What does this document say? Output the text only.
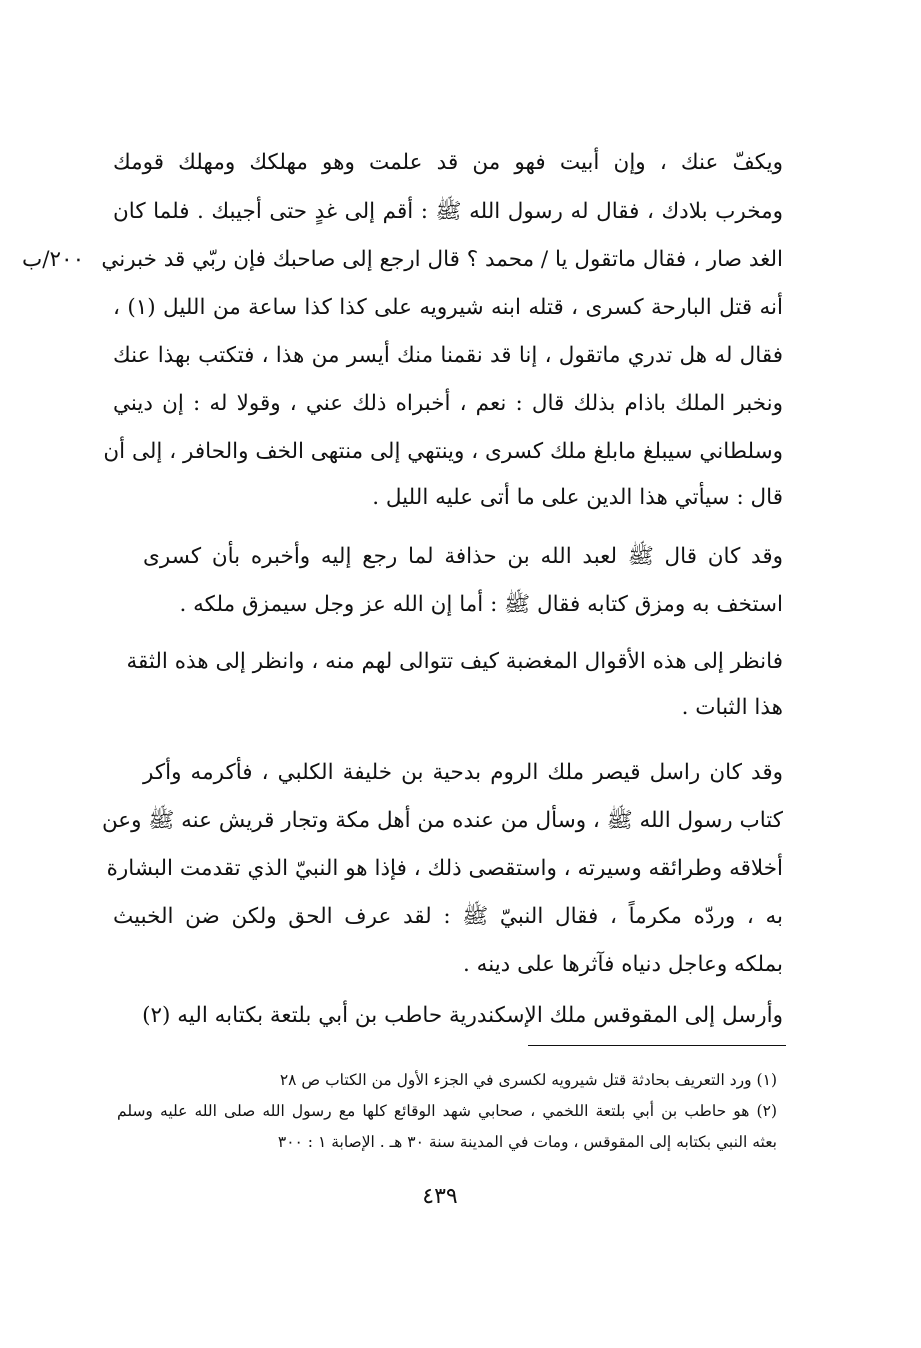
٢٠٠/ب
ويكفّ عنك ، وإن أبيت فهو من قد علمت وهو مهلكك ومهلك قومك
ومخرب بلادك ، فقال له رسول الله ﷺ : أقم إلى غدٍ حتى أجيبك . فلما كان
الغد صار ، فقال ماتقول يا / محمد ؟ قال ارجع إلى صاحبك فإن ربّي قد خبرني
أنه قتل البارحة كسرى ، قتله ابنه شيرويه على كذا كذا ساعة من الليل (١) ،
فقال له هل تدري ماتقول ، إنا قد نقمنا منك أيسر من هذا ، فتكتب بهذا عنك
ونخبر الملك باذام بذلك قال : نعم ، أخبراه ذلك عني ، وقولا له : إن ديني
وسلطاني سيبلغ مابلغ ملك كسرى ، وينتهي إلى منتهى الخف والحافر ، إلى أن
قال : سيأتي هذا الدين على ما أتى عليه الليل .
وقد كان قال ﷺ لعبد الله بن حذافة لما رجع إليه وأخبره بأن كسرى
استخف به ومزق كتابه فقال ﷺ : أما إن الله عز وجل سيمزق ملكه .
فانظر إلى هذه الأقوال المغضبة كيف تتوالى لهم منه ، وانظر إلى هذه الثقة
هذا الثبات .
وقد كان راسل قيصر ملك الروم بدحية بن خليفة الكلبي ، فأكرمه وأكر
كتاب رسول الله ﷺ ، وسأل من عنده من أهل مكة وتجار قريش عنه ﷺ وعن
أخلاقه وطرائقه وسيرته ، واستقصى ذلك ، فإذا هو النبيّ الذي تقدمت البشارة
به ، وردّه مكرماً ، فقال النبيّ ﷺ : لقد عرف الحق ولكن ضن الخبيث
بملكه وعاجل دنياه فآثرها على دينه .
وأرسل إلى المقوقس ملك الإسكندرية حاطب بن أبي بلتعة بكتابه اليه (٢)
(١) ورد التعريف بحادثة قتل شيرويه لكسرى في الجزء الأول من الكتاب ص ٢٨
(٢) هو حاطب بن أبي بلتعة اللخمي ، صحابي شهد الوقائع كلها مع رسول الله صلى الله عليه وسلم
بعثه النبي بكتابه إلى المقوقس ، ومات في المدينة سنة ٣٠ هـ . الإصابة ١ : ٣٠٠
٤٣٩
